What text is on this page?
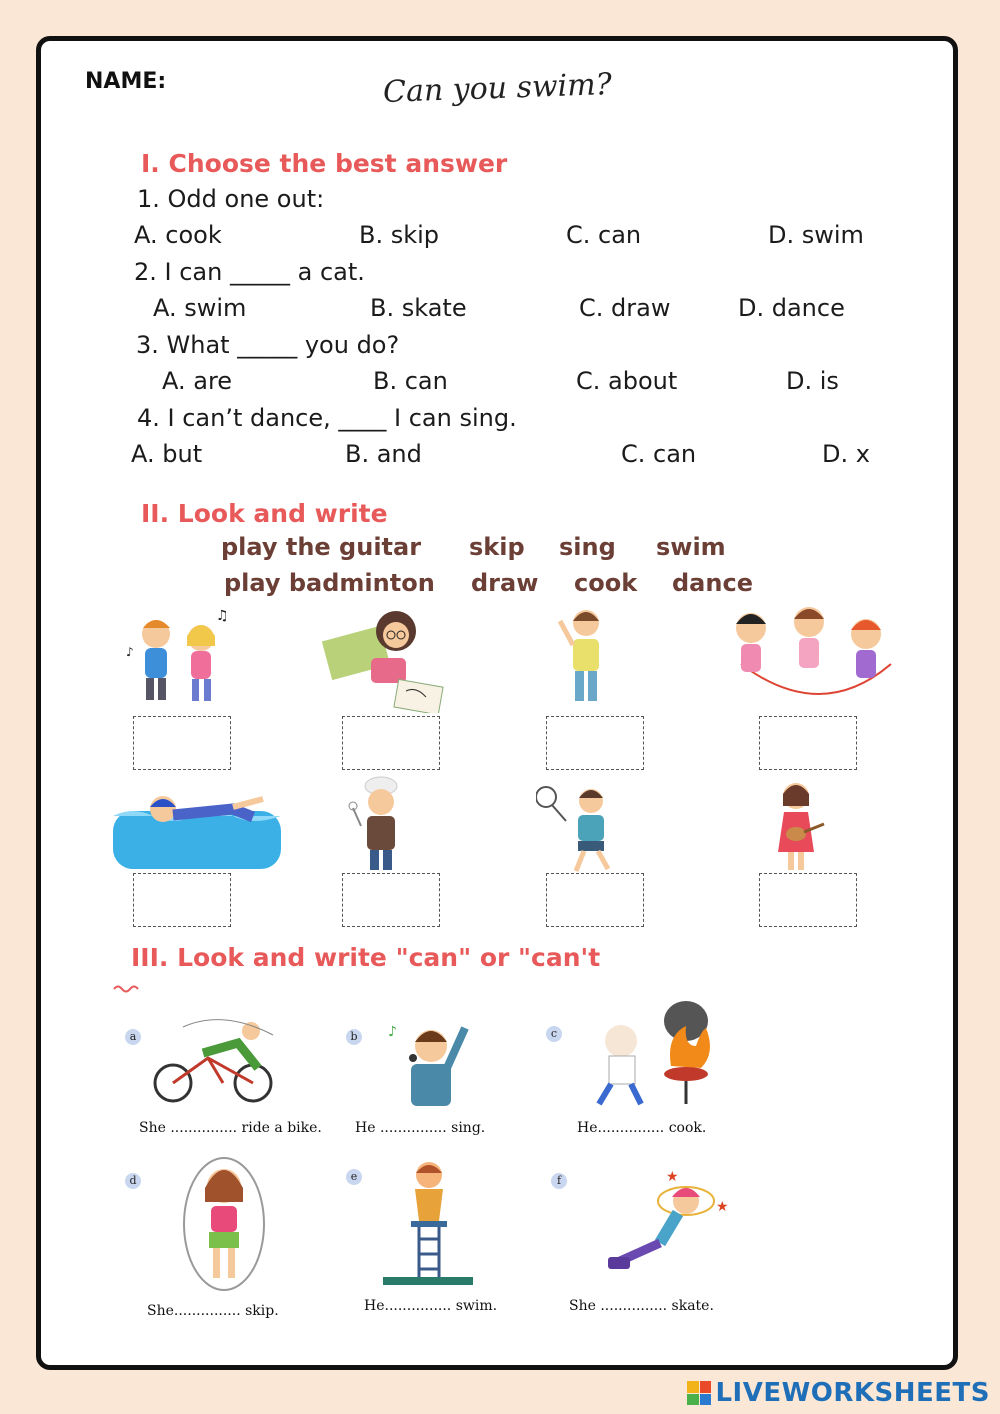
NAME:	Can you swim?
I. Choose the best answer
1. Odd one out:
A. cook	B. skip	C. can	D. swim
2. I can _____ a cat.
A. swim	B. skate	C. draw	D. dance
3. What _____ you do?
A. are	B. can	C. about	D. is
4. I can’t dance, ____ I can sing.
A. but	B. and	C. can	D. x
II. Look and write
play the guitar skip sing swim
play badminton draw cook dance
♫
♪
III. Look and write "can" or "can't
a
She ............... ride a bike.
b	♪
He ............... sing.
c
He............... cook.
d
She............... skip.
e
He............... swim.
f	★
★
She ............... skate.
LIVEWORKSHEETS
